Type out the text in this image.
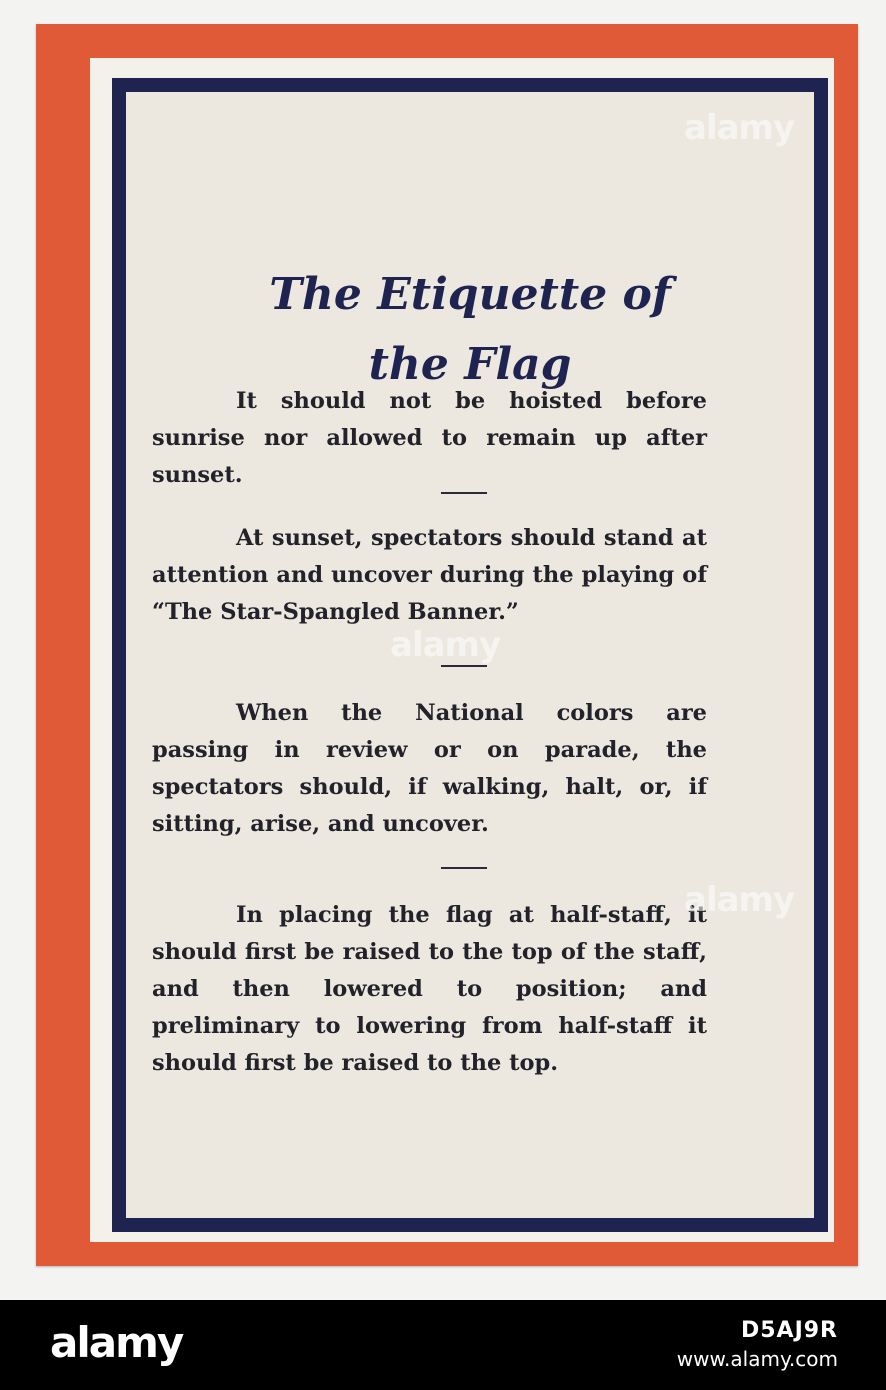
The Etiquette of
the Flag
It should not be hoisted before sunrise nor allowed to remain up after sunset.
At sunset, spectators should stand at attention and uncover during the playing of “The Star-Spangled Banner.”
When the National colors are passing in review or on parade, the spectators should, if walking, halt, or, if sitting, arise, and uncover.
In placing the flag at half-staff, it should first be raised to the top of the staff, and then lowered to position; and preliminary to lowering from half-staff it should first be raised to the top.
alamy
alamy
alamy
alamy	D5AJ9R
www.alamy.com
